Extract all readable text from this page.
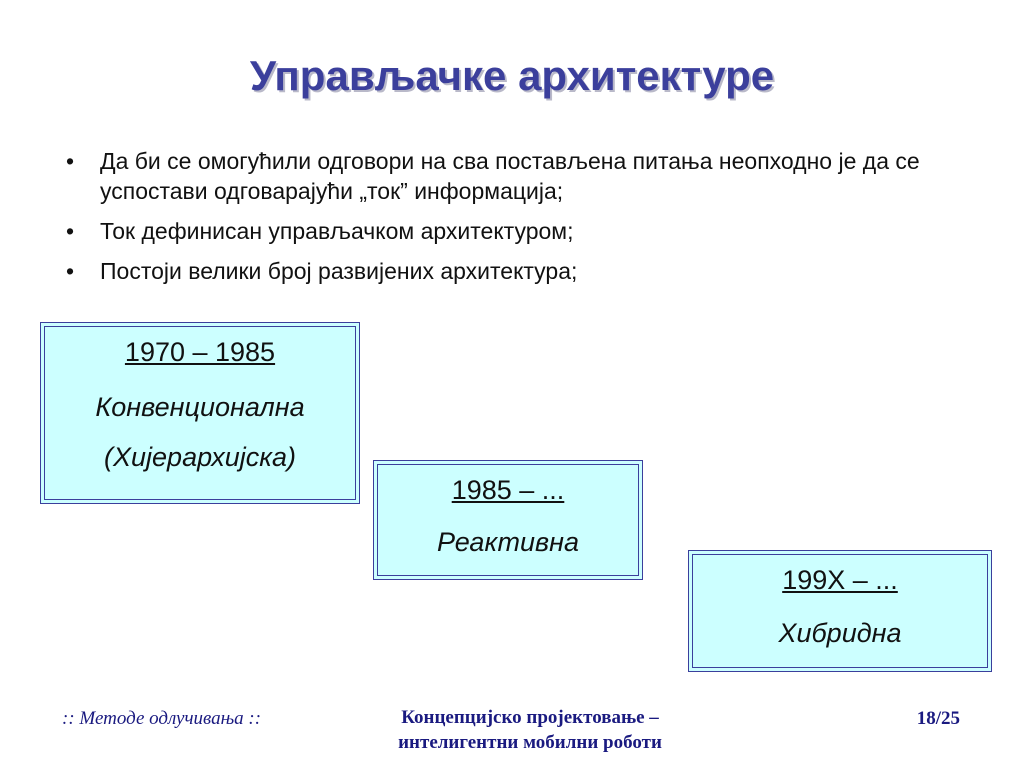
Управљачке архитектуре
• Да би се омогућили одговори на сва постављена питања неопходно је да се успостави одговарајући „ток” информација;
• Ток дефинисан управљачком архитектуром;
• Постоји велики број развијених архитектура;
1970 – 1985
Конвенционална
(Хијерархијска)
1985 – ...
Реактивна
199X – ...
Хибридна
:: Методе одлучивања ::	Концепцијско пројектовање –
интелигентни мобилни роботи
18/25
